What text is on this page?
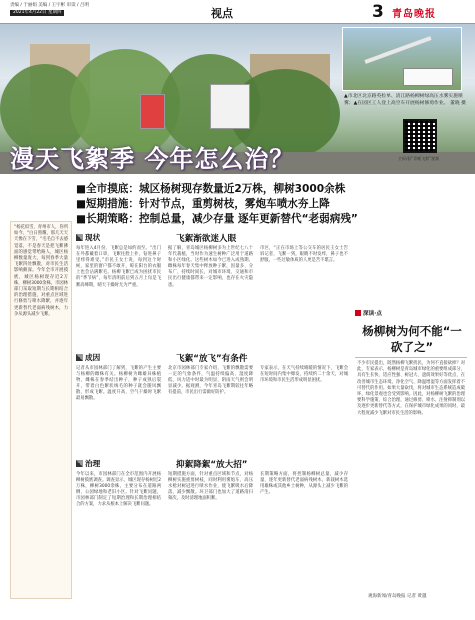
责编 / 于丽娟 美编 / 王宇彬 审读 / 吕明
2021年4月22日 星期四	视点	3 青岛晚报
▲市北区北京路英检单、清江路杨柳树绿高压水雾实施喷雾；▲在园区工人登上高空车开展杨树修剪作业。 董晓 摄
扫码看“青晚飞絮”视频
漫天飞絮季 今年怎么治？
■全市摸底：城区杨树现存数量近2万株，柳树3000余株
■短期措施：针对节点，重剪树枝，雾炮车喷水夯上降
■长期策略：控制总量，减少存量 逐年更新替代“老弱病残”
“杨花似雪，青州市人，你所如今，“白日照耀，那几天天天像在下雪，“毛毛自不去感觉落，不是春天是把飞絮拂面的感觉带给路人，城区杨柳数量庞大，每到春季大量飞絮四处飘散，对市民生活影响颇深。今年全市开展摸底，城区杨树现存近2万株，柳树3000余株，市园林部门采取短期与长期相结合的治理措施，对重点区域进行修剪与喷水降絮，并逐年更新替代老弱病残树木，力争从源头减少飞絮。
现状	飞絮渐欲迷人眼
每年进入4月份，飞絮总是如约而至。“出门在外都戴着口罩，飞絮往脸上扑，钻进鼻子里痒得难受。”市民王女士说，每到这个时候，家里的窗户都不敢开，晾在阳台的衣服上也会沾满絮毛。杨柳飞絮已成为困扰市民的“季节病”，每年清明前后到五月上旬是飞絮高峰期，晴天干燥时尤为严重。
据了解，青岛城区杨柳树多为上世纪七八十年代栽植，当时作为速生树种广泛用于道路和小区绿化。这些树木如今已进入成熟期，雌株每年春天集中释放种子絮，因量多、分布广、持续时间长，对城市环境、交通和市民出行健康都带来一定影响，也存在火灾隐患。
市区，“正在市场上等公交车的居民王女士告诉记者，飞絮一到，眼睛不时发痒，鼻子也不舒服，一些过敏体质的人更是苦不堪言。
成因	飞絮“放飞”有条件
记者从市园林部门了解到，飞絮的产生主要与杨柳的雌株有关。杨柳树为雌雄异株植物，雌株在春季结出种子，种子成熟后裂开，带着白色絮状绒毛的种子就会随风飘散，形成飞絮。温度升高、空气干燥时飞絮最易飘散。
北京市园林部门专家介绍，飞絮的飘散需要一定的气象条件，气温持续偏高、湿度降低、风力适中时最为明显，阴雨天气则会明显减少。据观测，今年青岛飞絮期较往年略有提前，市民出行需做好防护。
专家表示，在天气持续晴暖的情况下，飞絮会在短时间内集中爆发，持续约二十余天，对城市环境和市民生活形成明显困扰。
治理	抑絮降絮“放大招”
今年以来，市园林部门在全市范围内开展杨柳树摸底调查。调查显示，城区现存杨树近2万株，柳树3000余株，主要分布在道路两侧、公园绿地和老旧小区。针对飞絮问题，市园林部门制定了短期治理和长期治理相结合的方案，力求从根本上解决飞絮问题。
短期措施方面，针对重点区域和节点，对杨柳树实施重剪树枝，同时利用雾炮车、高压水枪对树冠进行喷水作业，使飞絮吸水后降落，减少飘散。环卫部门也加大了道路清扫频次，及时清理地面积絮。
长期策略方面，将控制杨柳树总量，减少存量，逐年更新替代老弱病残树木，新栽树木选用雄株或其他乡土树种，从源头上减少飞絮的产生。
深读·点
杨柳树为何不能“一砍了之”
不少市民提出，既然杨柳飞絮扰民，为何不直接砍掉？对此，专家表示，杨柳树是青岛城市绿化的重要组成部分，具有生长快、适应性强、树冠大、遮荫效果好等优点，在改善城市生态环境、净化空气、降温增湿等方面发挥着不可替代的作用。如果大量砍伐，将对城市生态系统造成破坏，绿化景观也会受到影响。因此，对杨柳树飞絮的治理要科学施策、综合治理，通过修剪、喷水、注射抑制剂以及逐步更新替代等方式，在保护城市绿化成果的同时，最大程度减少飞絮对市民生活的影响。
观海新闻/青岛晚报 记者 黄越
